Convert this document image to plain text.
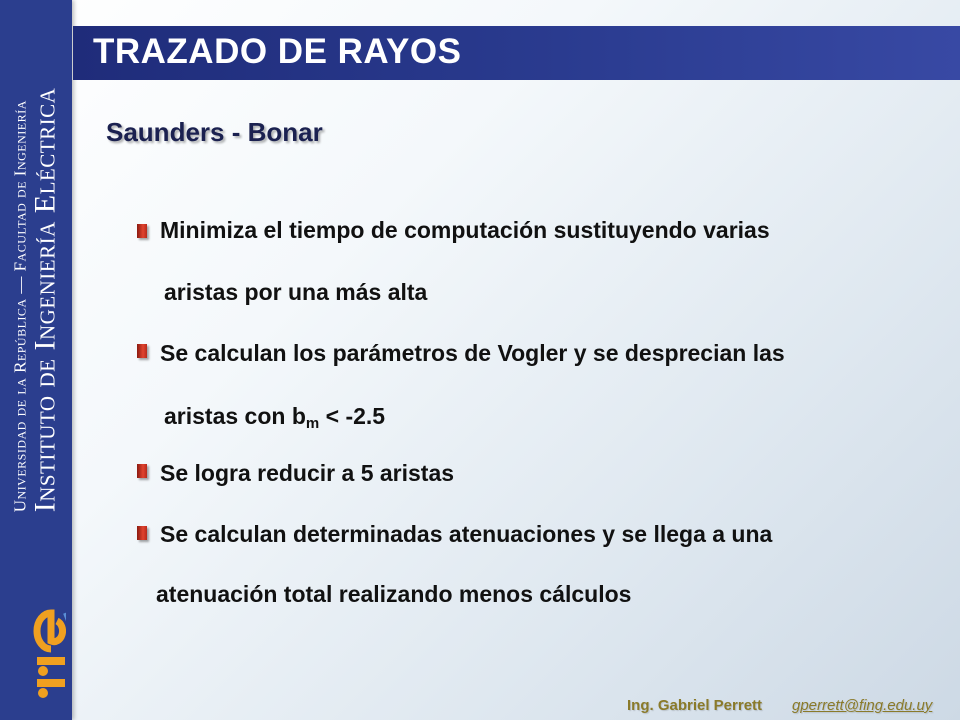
Universidad de la República — Facultad de Ingeniería
Instituto de Ingeniería Eléctrica
TRAZADO DE RAYOS
Saunders - Bonar
Minimiza el tiempo de computación sustituyendo varias
aristas por una más alta
Se calculan los parámetros de Vogler y se desprecian las
aristas con $b_m < -2.5$
Se logra reducir a 5 aristas
Se calculan determinadas atenuaciones y se llega a una
atenuación total realizando menos cálculos
Ing. Gabriel Perrett gperrett@fing.edu.uy
